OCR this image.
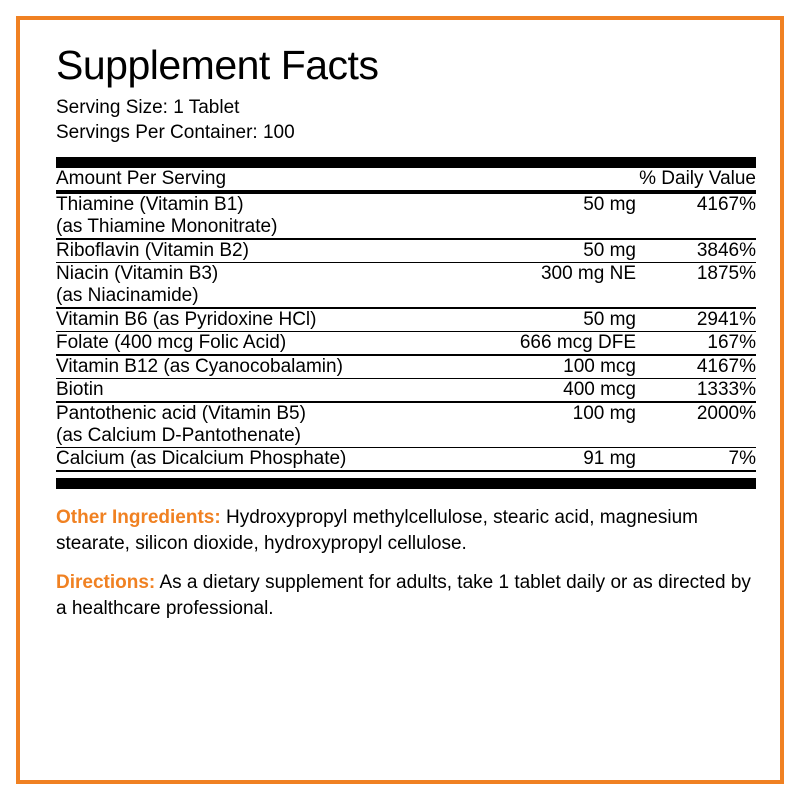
Supplement Facts
Serving Size: 1 Tablet
Servings Per Container: 100
Amount Per Serving		% Daily Value
Thiamine (Vitamin B1)
(as Thiamine Mononitrate)
	50 mg	4167%
Riboflavin (Vitamin B2)	50 mg	3846%
Niacin (Vitamin B3)
(as Niacinamide)
	300 mg NE	1875%
Vitamin B6 (as Pyridoxine HCl)	50 mg	2941%
Folate (400 mcg Folic Acid)	666 mcg DFE	167%
Vitamin B12 (as Cyanocobalamin)	100 mcg	4167%
Biotin	400 mcg	1333%
Pantothenic acid (Vitamin B5)
(as Calcium D-Pantothenate)
	100 mg	2000%
Calcium (as Dicalcium Phosphate)	91 mg	7%

Other Ingredients: Hydroxypropyl methylcellulose, stearic acid, magnesium stearate, silicon dioxide, hydroxypropyl cellulose.

Directions: As a dietary supplement for adults, take 1 tablet daily or as directed by a healthcare professional.
